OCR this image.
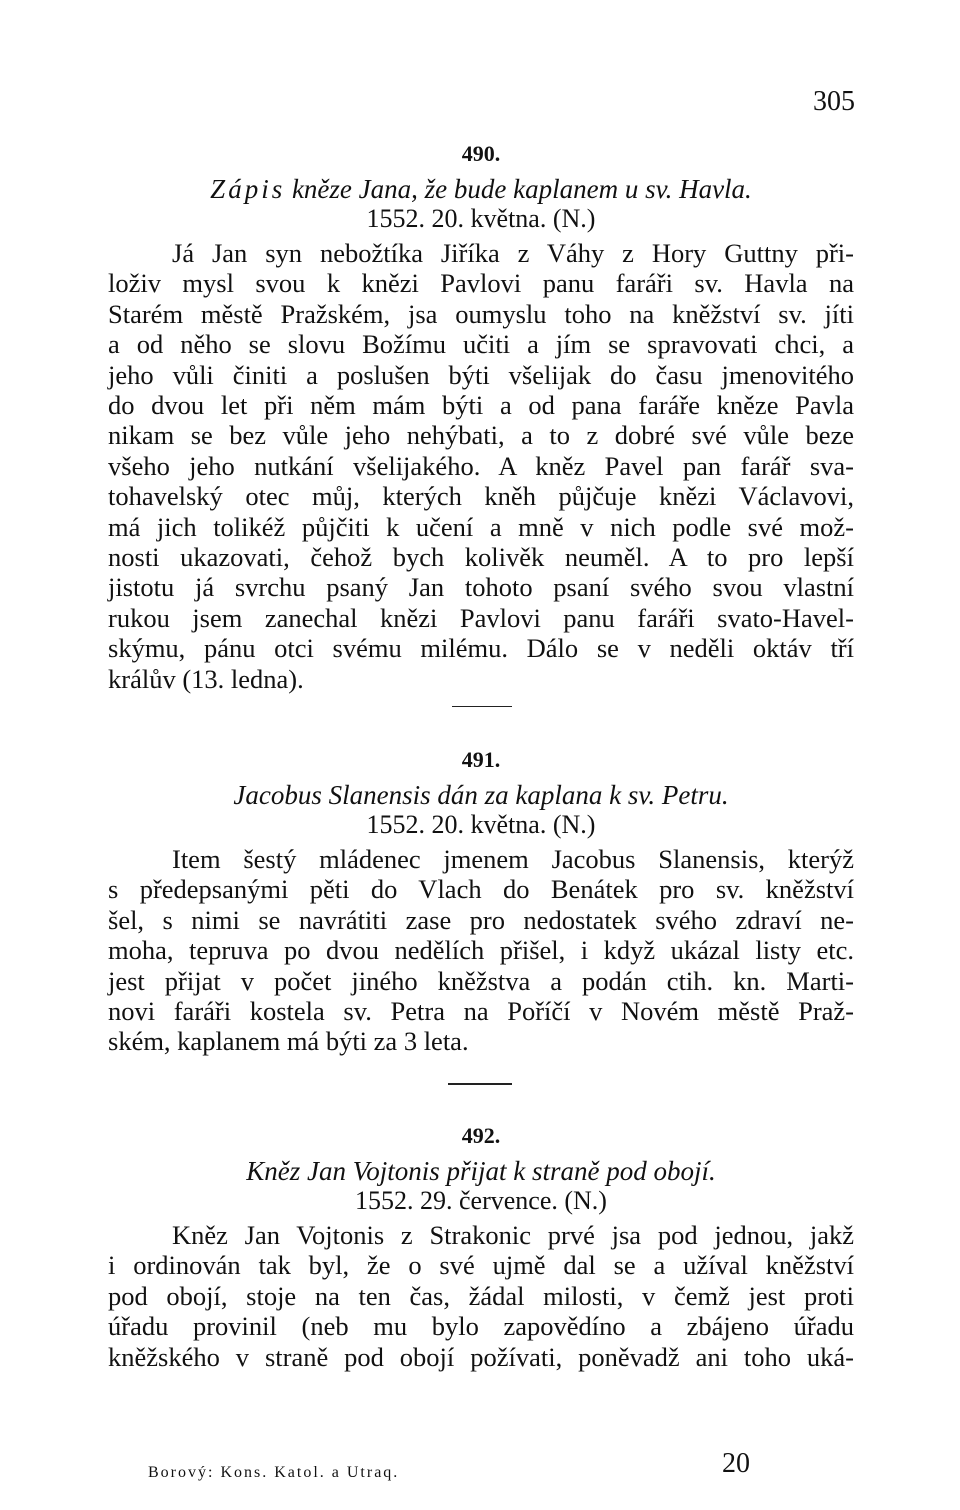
305
490.
Zápis kněze Jana, že bude kaplanem u sv. Havla.
1552. 20. května. (N.)
Já Jan syn nebožtíka Jiříka z Váhy z Hory Guttny při-
loživ mysl svou k knězi Pavlovi panu faráři sv. Havla na
Starém městě Pražském, jsa oumyslu toho na kněžství sv. jíti
a od něho se slovu Božímu učiti a jím se spravovati chci, a
jeho vůli činiti a poslušen býti všelijak do času jmenovitého
do dvou let při něm mám býti a od pana faráře kněze Pavla
nikam se bez vůle jeho nehýbati, a to z dobré své vůle beze
všeho jeho nutkání všelijakého. A kněz Pavel pan farář sva-
tohavelský otec můj, kterých kněh půjčuje knězi Václavovi,
má jich tolikéž půjčiti k učení a mně v nich podle své mož-
nosti ukazovati, čehož bych kolivěk neuměl. A to pro lepší
jistotu já svrchu psaný Jan tohoto psaní svého svou vlastní
rukou jsem zanechal knězi Pavlovi panu faráři svato-Havel-
skýmu, pánu otci svému milému. Dálo se v neděli oktáv tří
králův (13. ledna).
491.
Jacobus Slanensis dán za kaplana k sv. Petru.
1552. 20. května. (N.)
Item šestý mládenec jmenem Jacobus Slanensis, kterýž
s předepsanými pěti do Vlach do Benátek pro sv. kněžství
šel, s nimi se navrátiti zase pro nedostatek svého zdraví ne-
moha, tepruva po dvou nedělích přišel, i když ukázal listy etc.
jest přijat v počet jiného kněžstva a podán ctih. kn. Marti-
novi faráři kostela sv. Petra na Poříčí v Novém městě Praž-
ském, kaplanem má býti za 3 leta.
492.
Kněz Jan Vojtonis přijat k straně pod obojí.
1552. 29. července. (N.)
Kněz Jan Vojtonis z Strakonic prvé jsa pod jednou, jakž
i ordinován tak byl, že o své ujmě dal se a užíval kněžství
pod obojí, stoje na ten čas, žádal milosti, v čemž jest proti
úřadu provinil (neb mu bylo zapovědíno a zbájeno úřadu
kněžského v straně pod obojí požívati, poněvadž ani toho uká-
Borový: Kons. Katol. a Utraq.	20
